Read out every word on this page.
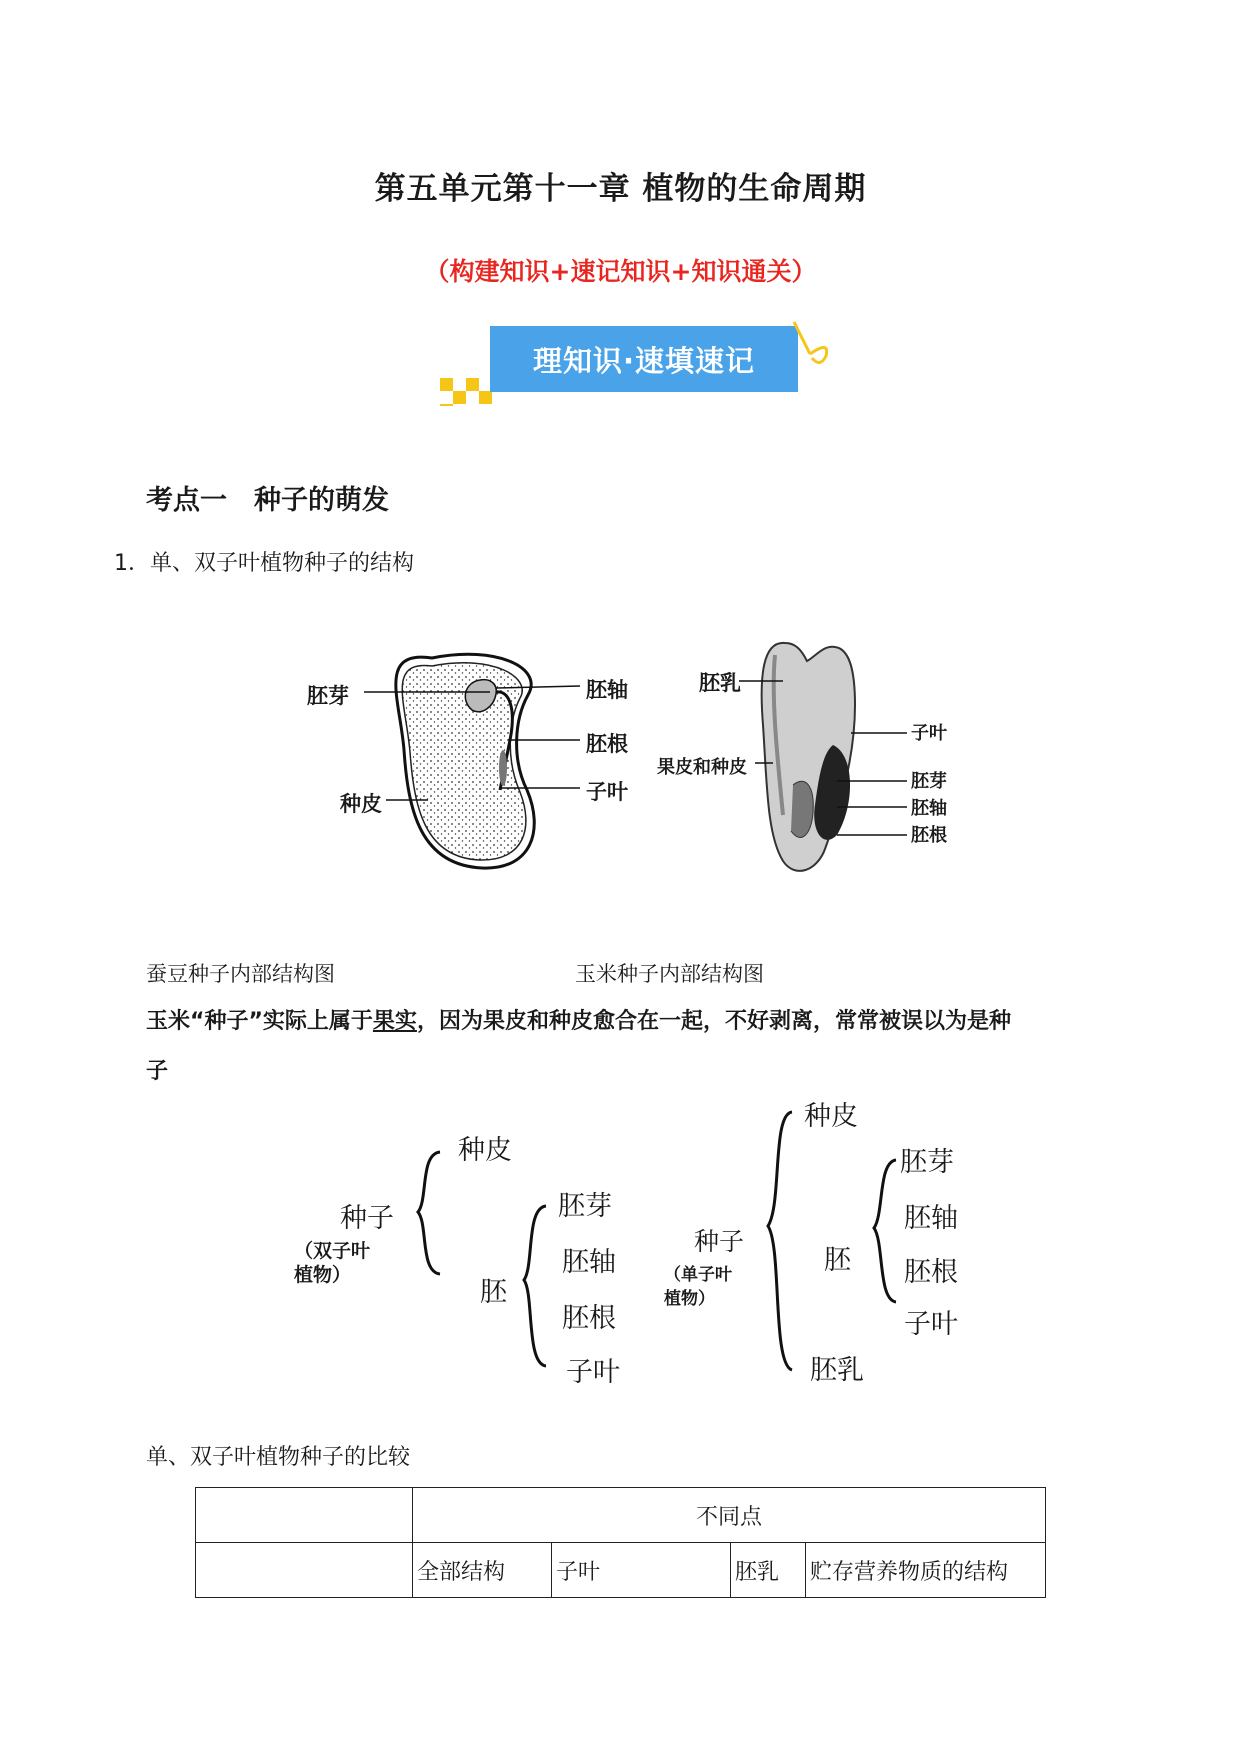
第五单元第十一章 植物的生命周期
（构建知识+速记知识+知识通关）
理知识·速填速记
考点一　种子的萌发
1．单、双子叶植物种子的结构
胚芽
种皮
胚轴
胚根
子叶
胚乳
果皮和种皮
子叶
胚芽
胚轴
胚根
蚕豆种子内部结构图	玉米种子内部结构图
玉米“种子”实际上属于果实，因为果皮和种皮愈合在一起，不好剥离，常常被误以为是种
子
种子
（双子叶
植物）
种皮
胚
胚芽
胚轴
胚根
子叶
种子
（单子叶
植物）
种皮
胚
胚乳
胚芽
胚轴
胚根
子叶
单、双子叶植物种子的比较
	不同点			
	全部结构	子叶	胚乳	贮存营养物质的结构
